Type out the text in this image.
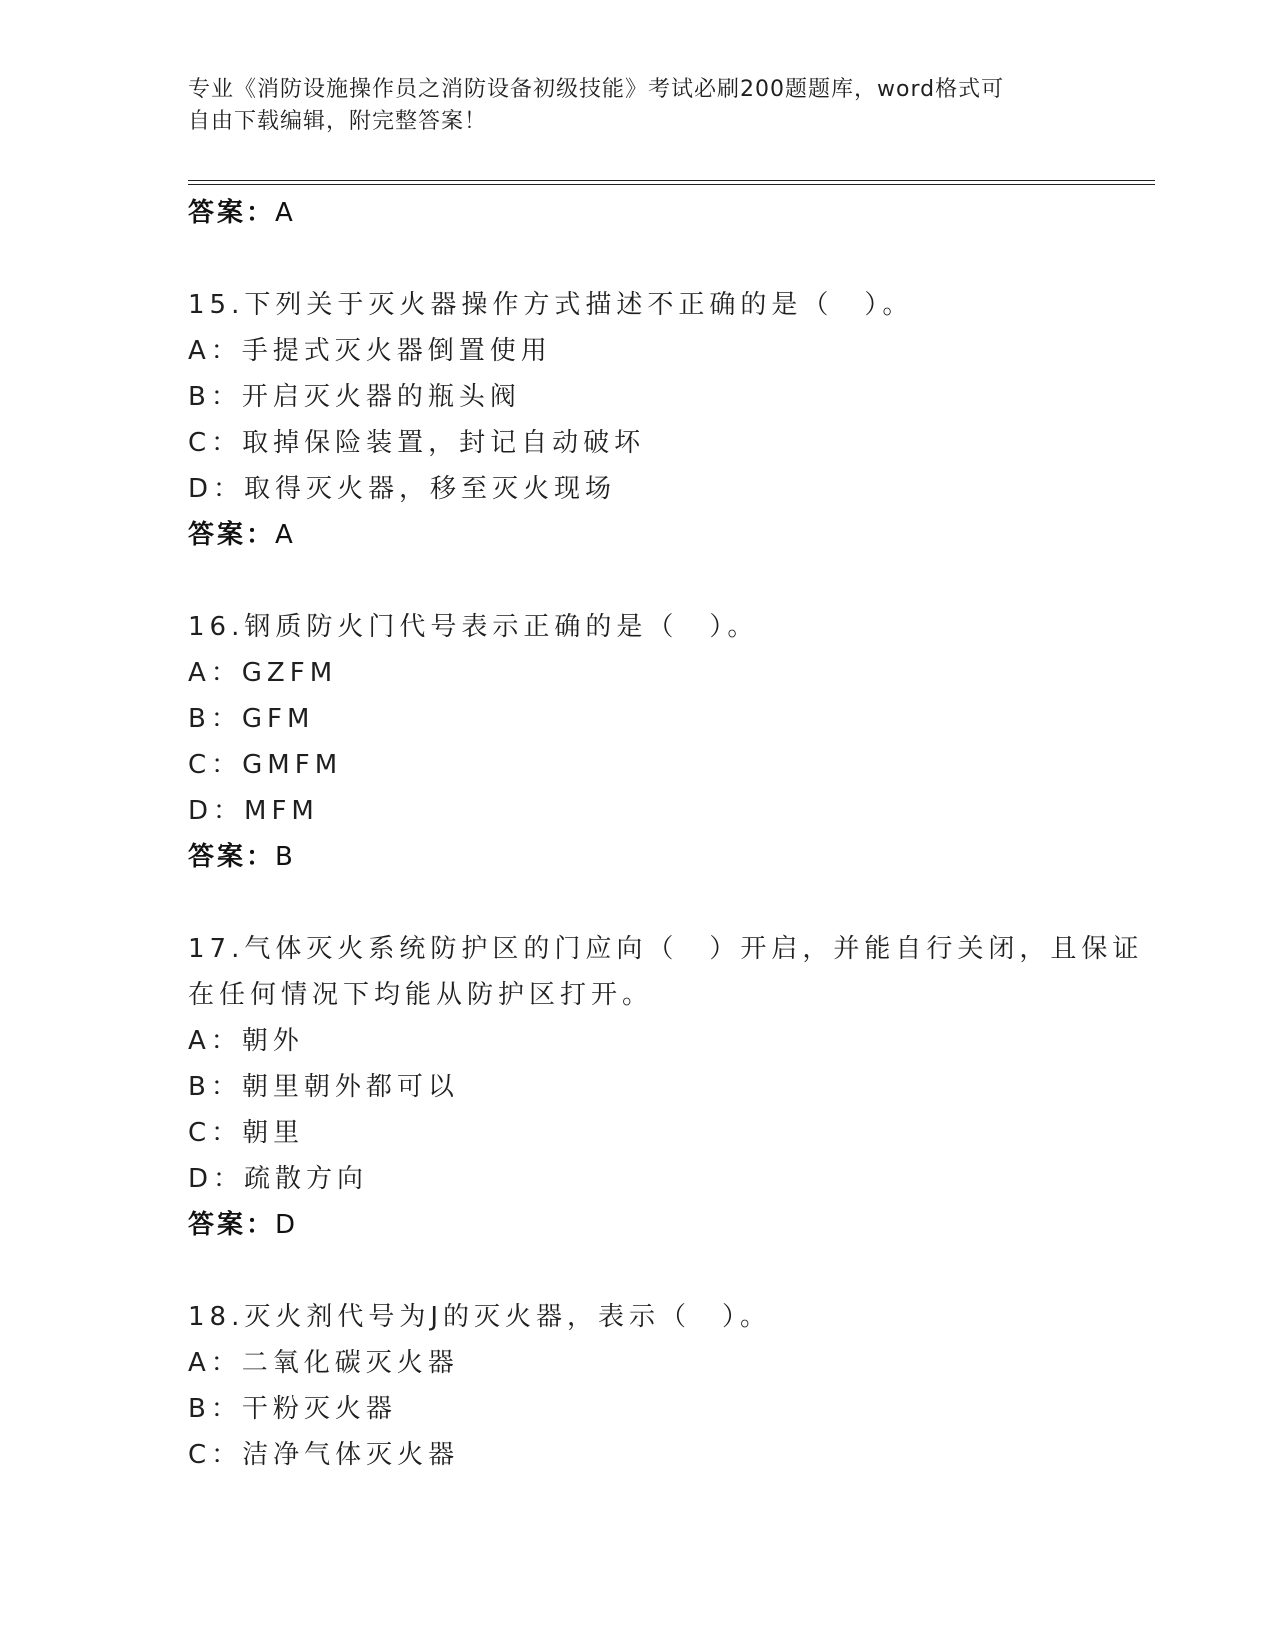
专业《消防设施操作员之消防设备初级技能》考试必刷200题题库，word格式可
自由下载编辑，附完整答案！
答案：A
15.下列关于灭火器操作方式描述不正确的是（　）。
A：手提式灭火器倒置使用
B：开启灭火器的瓶头阀
C：取掉保险装置，封记自动破坏
D：取得灭火器，移至灭火现场
答案：A
16.钢质防火门代号表示正确的是（　）。
A：GZFM
B：GFM
C：GMFM
D：MFM
答案：B
17.气体灭火系统防护区的门应向（　）开启，并能自行关闭，且保证
在任何情况下均能从防护区打开。
A：朝外
B：朝里朝外都可以
C：朝里
D：疏散方向
答案：D
18.灭火剂代号为J的灭火器，表示（　）。
A：二氧化碳灭火器
B：干粉灭火器
C：洁净气体灭火器
